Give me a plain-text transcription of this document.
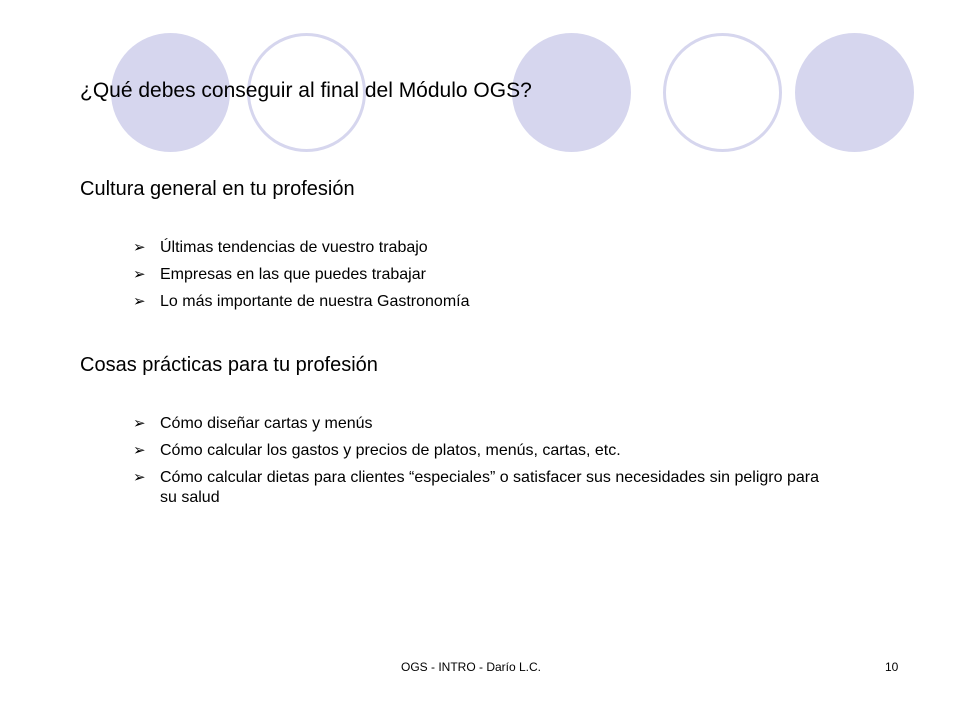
¿Qué debes conseguir al final del Módulo OGS?
Cultura general en tu profesión
➢ Últimas tendencias de vuestro trabajo
➢ Empresas en las que puedes trabajar
➢ Lo más importante de nuestra Gastronomía
Cosas prácticas para tu profesión
➢ Cómo diseñar cartas y menús
➢ Cómo calcular los gastos y precios de platos, menús, cartas, etc.
➢ Cómo calcular dietas para clientes “especiales” o satisfacer sus necesidades sin peligro para su salud
OGS - INTRO - Darío L.C.	10
